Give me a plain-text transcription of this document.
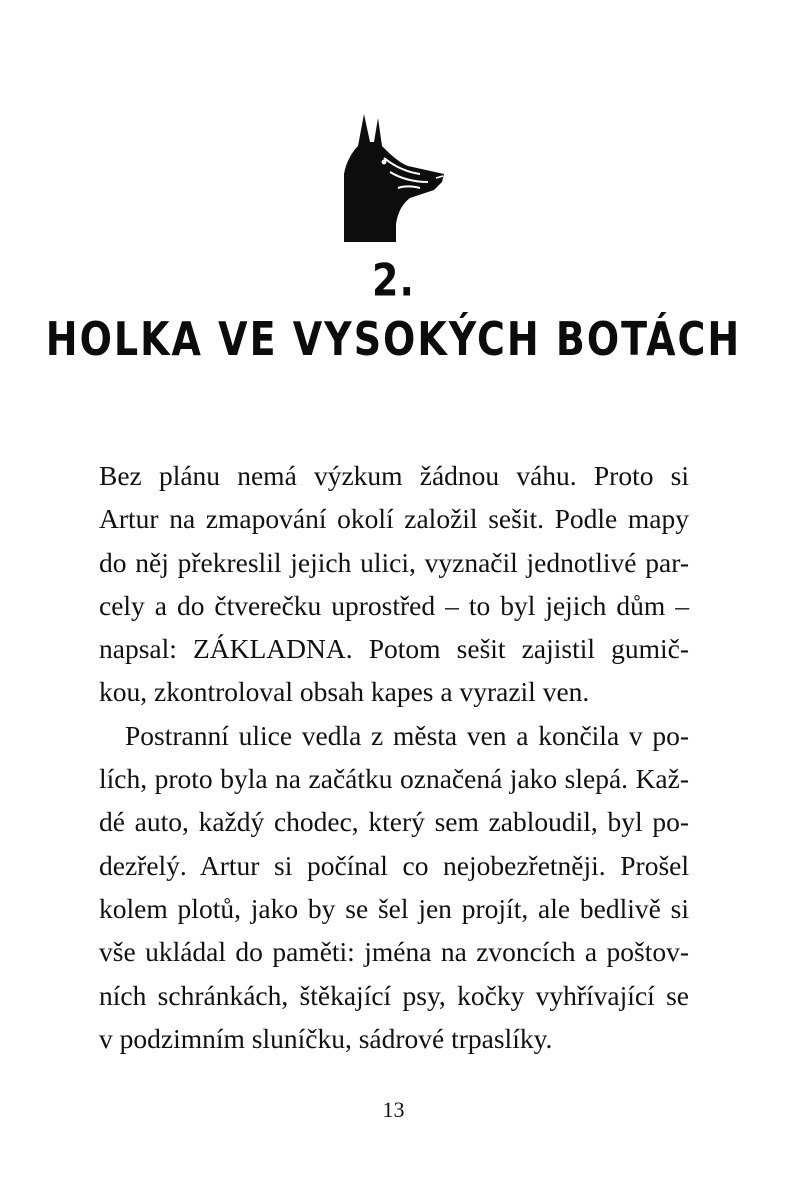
2.
HOLKA VE VYSOKÝCH BOTÁCH
Bez plánu nemá výzkum žádnou váhu. Proto si
Artur na zmapování okolí založil sešit. Podle mapy
do něj překreslil jejich ulici, vyznačil jednotlivé par-
cely a do čtverečku uprostřed – to byl jejich dům –
napsal: ZÁKLADNA. Potom sešit zajistil gumič-
kou, zkontroloval obsah kapes a vyrazil ven.
Postranní ulice vedla z města ven a končila v po-
lích, proto byla na začátku označená jako slepá. Kaž-
dé auto, každý chodec, který sem zabloudil, byl po-
dezřelý. Artur si počínal co nejobezřetněji. Prošel
kolem plotů, jako by se šel jen projít, ale bedlivě si
vše ukládal do paměti: jména na zvoncích a poštov-
ních schránkách, štěkající psy, kočky vyhřívající se
v podzimním sluníčku, sádrové trpaslíky.
13
